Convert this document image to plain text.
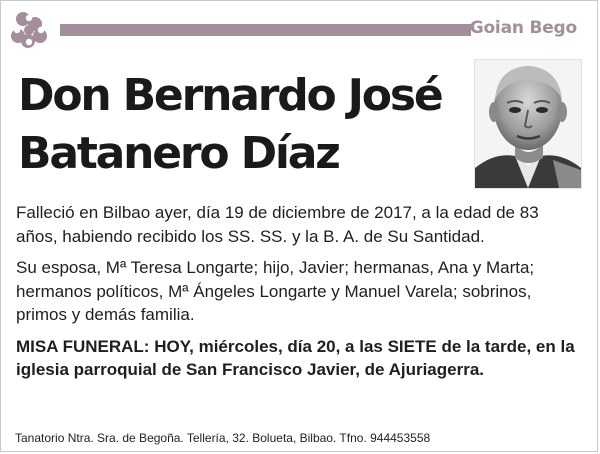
Goian Bego
Don Bernardo José
Batanero Díaz

Falleció en Bilbao ayer, día 19 de diciembre de 2017, a la edad de 83 años, habiendo recibido los SS. SS. y la B. A. de Su Santidad.

Su esposa, Mª Teresa Longarte; hijo, Javier; hermanas, Ana y Marta; hermanos políticos, Mª Ángeles Longarte y Manuel Varela; sobrinos, primos y demás familia.

MISA FUNERAL: HOY, miércoles, día 20, a las SIETE de la tarde, en la iglesia parroquial de San Francisco Javier, de Ajuriagerra.

Tanatorio Ntra. Sra. de Begoña. Tellería, 32. Bolueta, Bilbao. Tfno. 944453558
